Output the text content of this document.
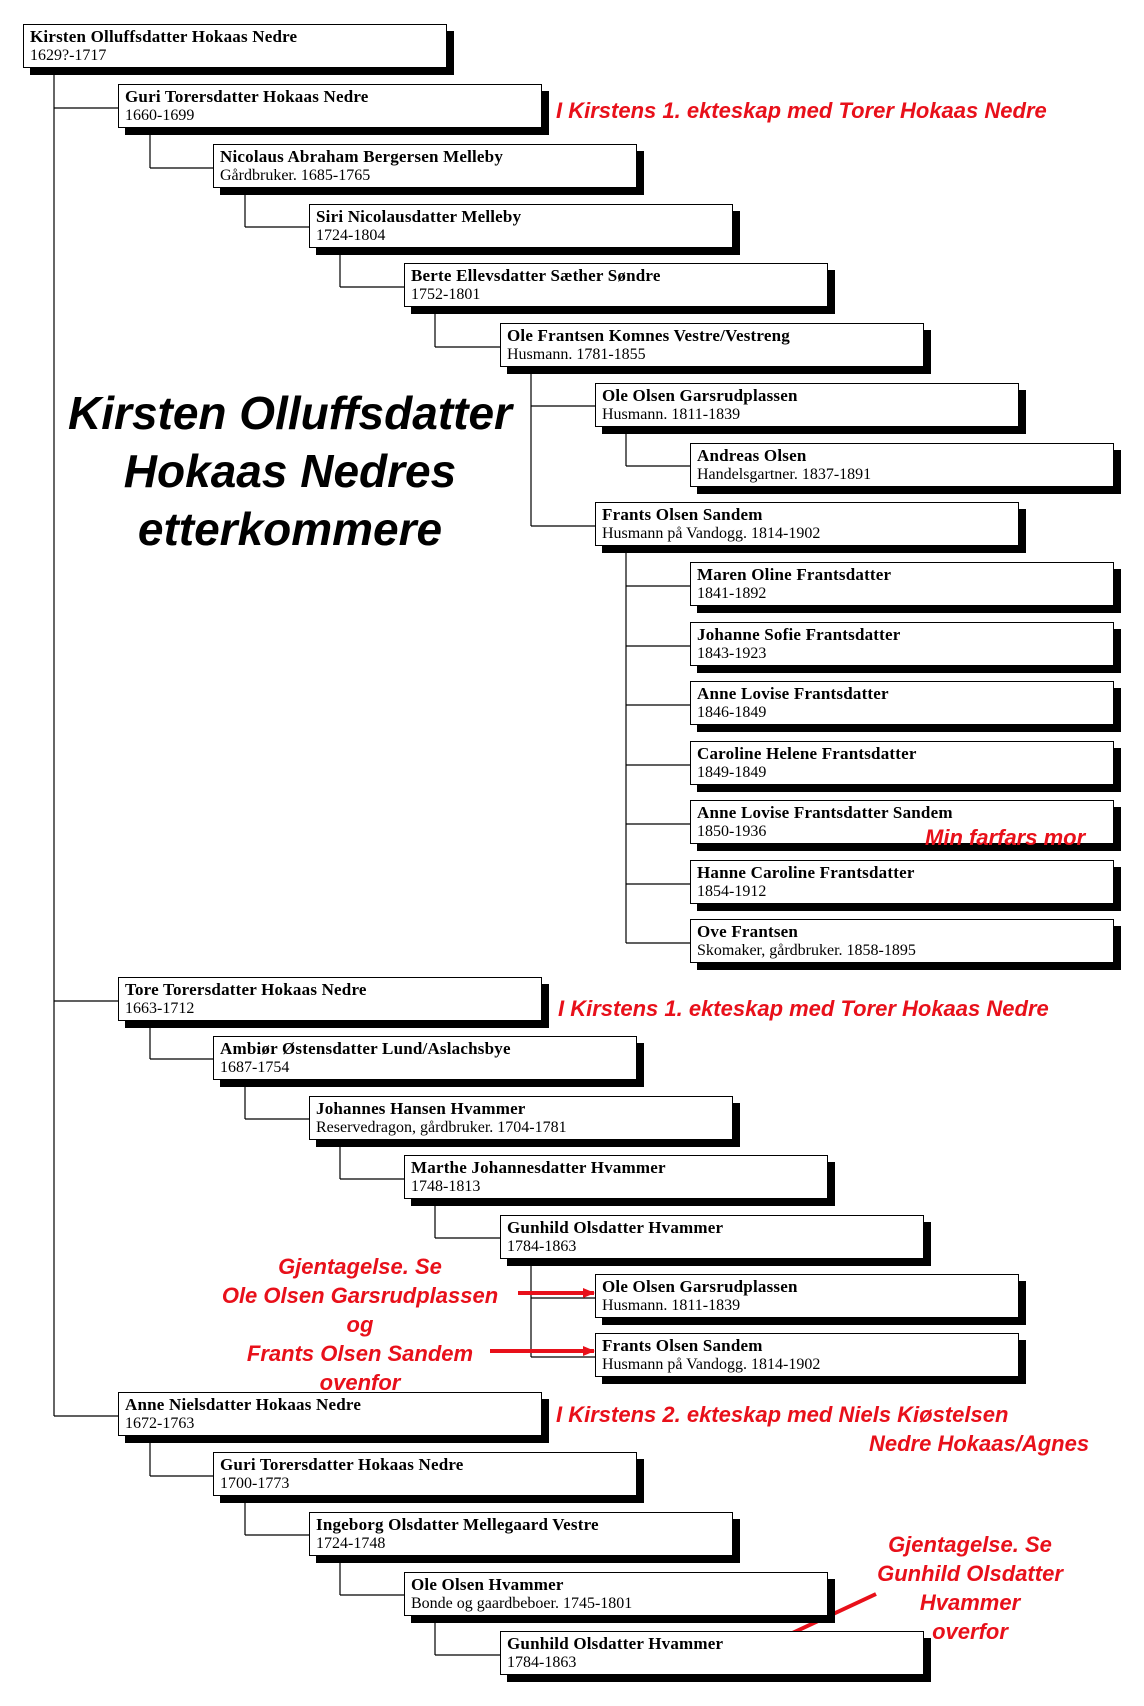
Kirsten Olluffsdatter Hokaas Nedre
1629?-1717
Guri Torersdatter Hokaas Nedre
1660-1699
Nicolaus Abraham Bergersen Melleby
Gårdbruker. 1685-1765
Siri Nicolausdatter Melleby
1724-1804
Berte Ellevsdatter Sæther Søndre
1752-1801
Ole Frantsen Komnes Vestre/Vestreng
Husmann. 1781-1855
Ole Olsen Garsrudplassen
Husmann. 1811-1839
Andreas Olsen
Handelsgartner. 1837-1891
Frants Olsen Sandem
Husmann på Vandogg. 1814-1902
Maren Oline Frantsdatter
1841-1892
Johanne Sofie Frantsdatter
1843-1923
Anne Lovise Frantsdatter
1846-1849
Caroline Helene Frantsdatter
1849-1849
Anne Lovise Frantsdatter Sandem
1850-1936
Hanne Caroline Frantsdatter
1854-1912
Ove Frantsen
Skomaker, gårdbruker. 1858-1895
Tore Torersdatter Hokaas Nedre
1663-1712
Ambiør Østensdatter Lund/Aslachsbye
1687-1754
Johannes Hansen Hvammer
Reservedragon, gårdbruker. 1704-1781
Marthe Johannesdatter Hvammer
1748-1813
Gunhild Olsdatter Hvammer
1784-1863
Ole Olsen Garsrudplassen
Husmann. 1811-1839
Frants Olsen Sandem
Husmann på Vandogg. 1814-1902
Anne Nielsdatter Hokaas Nedre
1672-1763
Guri Torersdatter Hokaas Nedre
1700-1773
Ingeborg Olsdatter Mellegaard Vestre
1724-1748
Ole Olsen Hvammer
Bonde og gaardbeboer. 1745-1801
Gunhild Olsdatter Hvammer
1784-1863
Kirsten Olluffsdatter
Hokaas Nedres
etterkommere
I Kirstens 1. ekteskap med Torer Hokaas Nedre
I Kirstens 1. ekteskap med Torer Hokaas Nedre
I Kirstens 2. ekteskap med Niels Kiøstelsen
Nedre Hokaas/Agnes
Min farfars mor
Gjentagelse. Se
Ole Olsen Garsrudplassen
og
Frants Olsen Sandem
ovenfor
Gjentagelse. Se
Gunhild Olsdatter
Hvammer
overfor
